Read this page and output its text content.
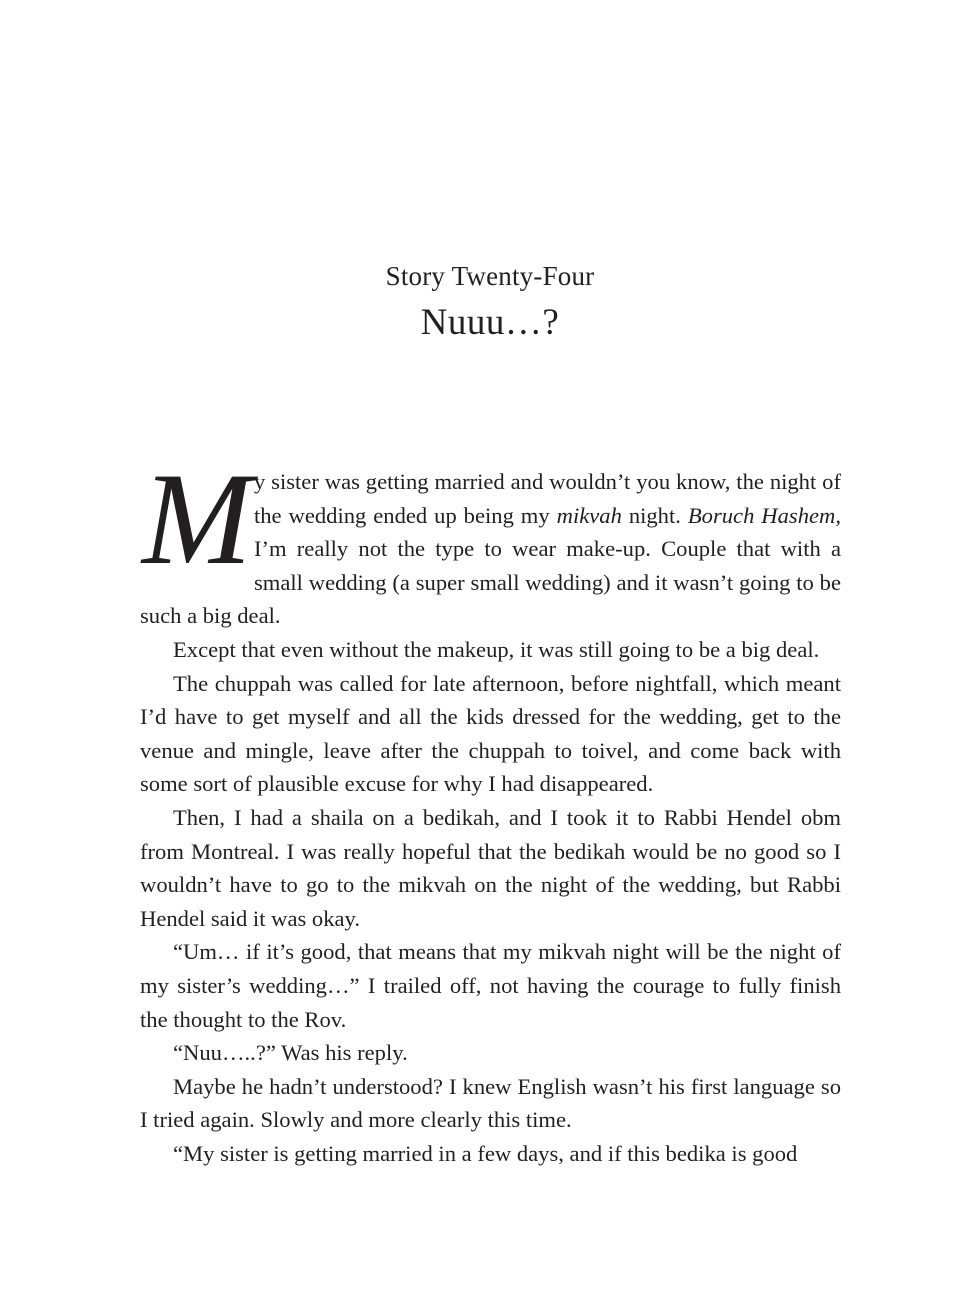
Story Twenty-Four
Nuuu…?

My sister was getting married and wouldn’t you know, the night of the wedding ended up being my mikvah night. Boruch Hashem, I’m really not the type to wear make-up. Couple that with a small wedding (a super small wedding) and it wasn’t going to be such a big deal.

Except that even without the makeup, it was still going to be a big deal.

The chuppah was called for late afternoon, before nightfall, which meant I’d have to get myself and all the kids dressed for the wedding, get to the venue and mingle, leave after the chuppah to toivel, and come back with some sort of plausible excuse for why I had disappeared.

Then, I had a shaila on a bedikah, and I took it to Rabbi Hendel obm from Montreal. I was really hopeful that the bedikah would be no good so I wouldn’t have to go to the mikvah on the night of the wedding, but Rabbi Hendel said it was okay.

“Um… if it’s good, that means that my mikvah night will be the night of my sister’s wedding…” I trailed off, not having the courage to fully finish the thought to the Rov.

“Nuu…..?” Was his reply.

Maybe he hadn’t understood? I knew English wasn’t his first language so I tried again. Slowly and more clearly this time.

“My sister is getting married in a few days, and if this bedika is good
